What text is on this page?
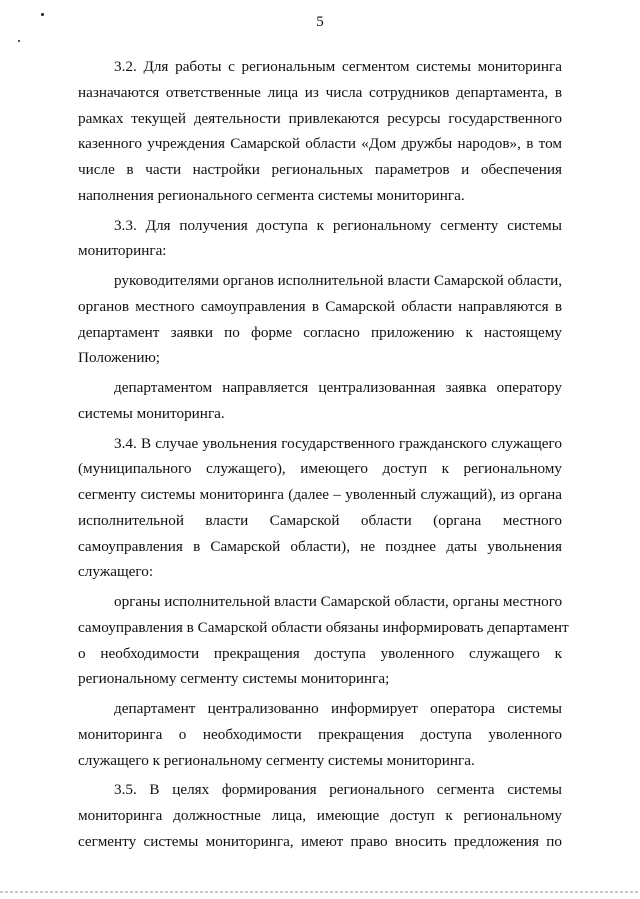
5
3.2. Для работы с региональным сегментом системы мониторинга
назначаются ответственные лица из числа сотрудников департамента, в
рамках текущей деятельности привлекаются ресурсы государственного
казенного учреждения Самарской области «Дом дружбы народов», в том
числе в части настройки региональных параметров и обеспечения
наполнения регионального сегмента системы мониторинга.
3.3. Для получения доступа к региональному сегменту системы
мониторинга:
руководителями органов исполнительной власти Самарской области,
органов местного самоуправления в Самарской области направляются в
департамент заявки по форме согласно приложению к настоящему
Положению;
департаментом направляется централизованная заявка оператору
системы мониторинга.
3.4. В случае увольнения государственного гражданского служащего
(муниципального служащего), имеющего доступ к региональному
сегменту системы мониторинга (далее – уволенный служащий), из органа
исполнительной власти Самарской области (органа местного
самоуправления в Самарской области), не позднее даты увольнения
служащего:
органы исполнительной власти Самарской области, органы местного
самоуправления в Самарской области обязаны информировать департамент
о необходимости прекращения доступа уволенного служащего к
региональному сегменту системы мониторинга;
департамент централизованно информирует оператора системы
мониторинга о необходимости прекращения доступа уволенного
служащего к региональному сегменту системы мониторинга.
3.5. В целях формирования регионального сегмента системы
мониторинга должностные лица, имеющие доступ к региональному
сегменту системы мониторинга, имеют право вносить предложения по
